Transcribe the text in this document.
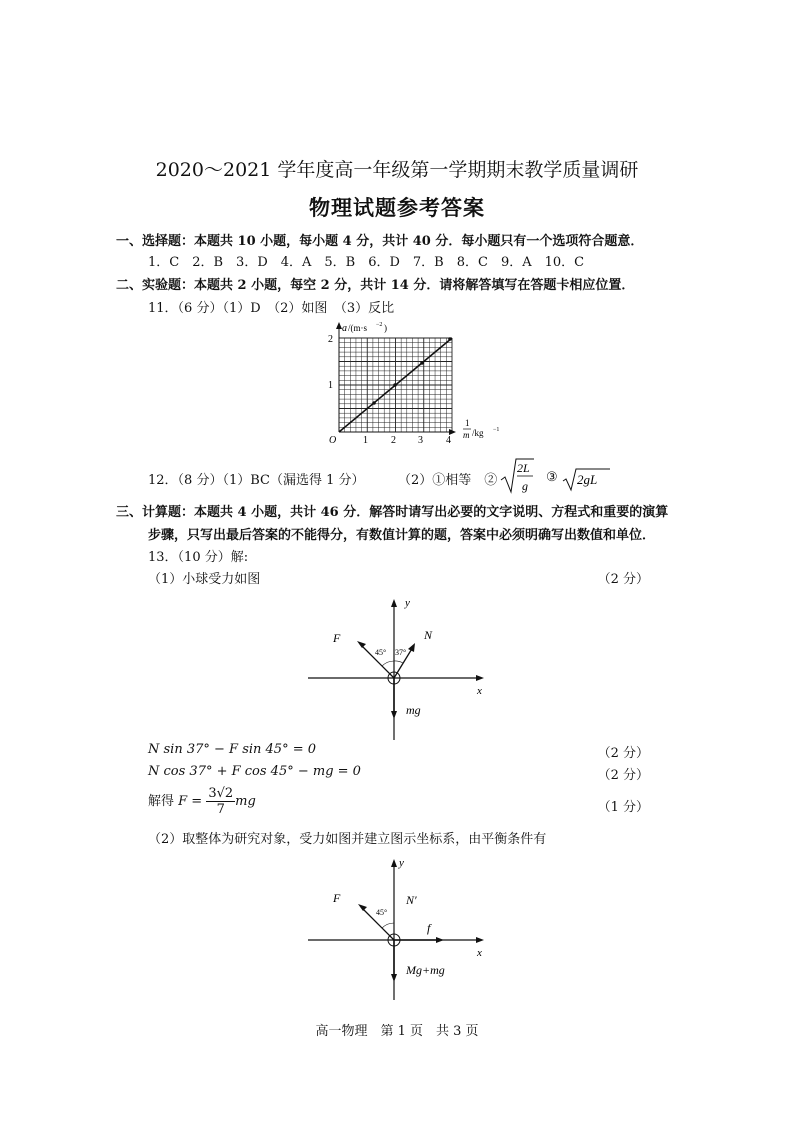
2020～2021 学年度高一年级第一学期期末教学质量调研
物理试题参考答案
一、选择题：本题共 10 小题，每小题 4 分，共计 40 分．每小题只有一个选项符合题意．
1．C　2．B　3．D　4．A　5．B　6．D　7．B　8．C　9．A　10．C
二、实验题：本题共 2 小题，每空 2 分，共计 14 分．请将解答填写在答题卡相应位置．
11．（6 分）（1）D　（2）如图　（3）反比
a /(m·s −2 )
2
1
O	1 2 3 4
1
m /kg −1
12．（8 分）（1）BC（漏选得 1 分）	（2）①相等　②
2L
g
③ 2gL
三、计算题：本题共 4 小题，共计 46 分．解答时请写出必要的文字说明、方程式和重要的演算
步骤，只写出最后答案的不能得分，有数值计算的题，答案中必须明确写出数值和单位．
13．（10 分）解:
（1）小球受力如图	（2 分）
y
x
F	N
mg
45° 37°
N sin 37° − F sin 45° = 0	（2 分）
N cos 37° + F cos 45° − mg = 0	（2 分）
解得 $F = \frac{3√2}{7}$ mg	（1 分）
（2）取整体为研究对象，受力如图并建立图示坐标系，由平衡条件有
y
x
F	N′
f
Mg+mg
45°
高一物理　第 1 页　共 3 页
